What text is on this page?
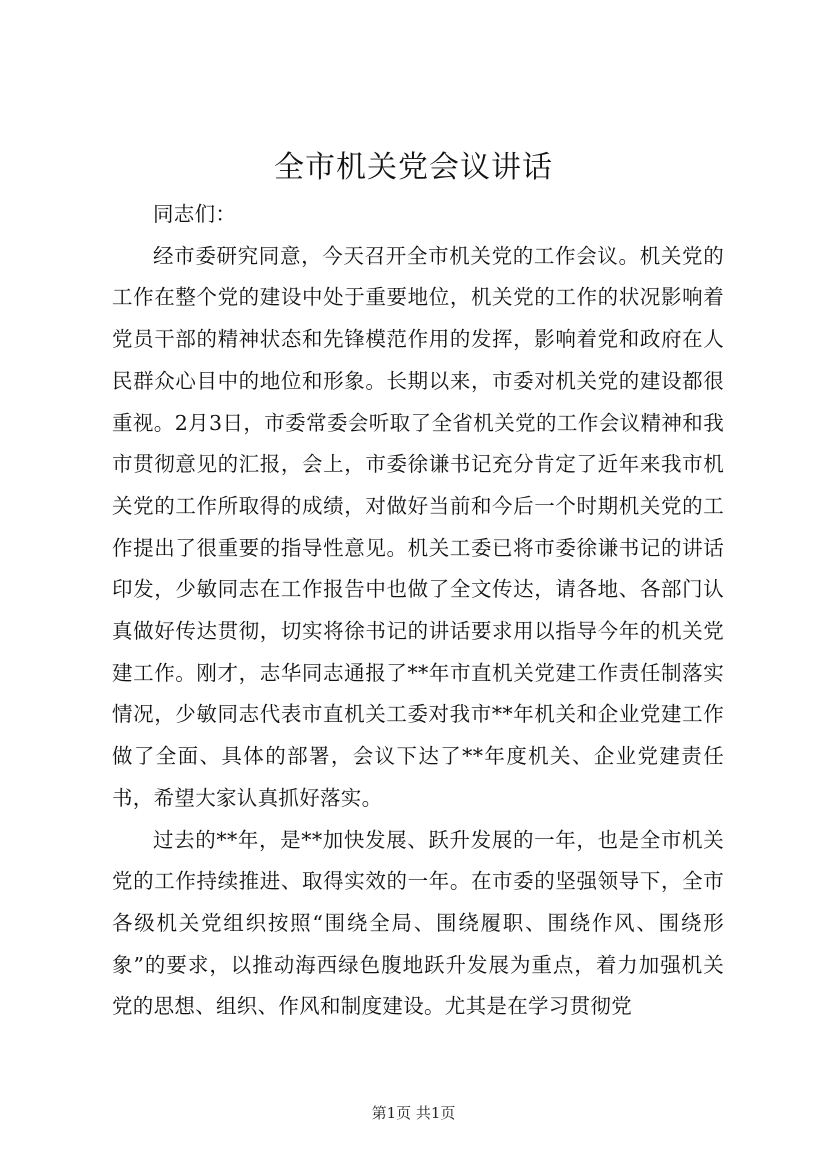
全市机关党会议讲话

同志们：

经市委研究同意，今天召开全市机关党的工作会议。机关党的工作在整个党的建设中处于重要地位，机关党的工作的状况影响着党员干部的精神状态和先锋模范作用的发挥，影响着党和政府在人民群众心目中的地位和形象。长期以来，市委对机关党的建设都很重视。2月3日，市委常委会听取了全省机关党的工作会议精神和我市贯彻意见的汇报，会上，市委徐谦书记充分肯定了近年来我市机关党的工作所取得的成绩，对做好当前和今后一个时期机关党的工作提出了很重要的指导性意见。机关工委已将市委徐谦书记的讲话印发，少敏同志在工作报告中也做了全文传达，请各地、各部门认真做好传达贯彻，切实将徐书记的讲话要求用以指导今年的机关党建工作。刚才，志华同志通报了**年市直机关党建工作责任制落实情况，少敏同志代表市直机关工委对我市**年机关和企业党建工作做了全面、具体的部署，会议下达了**年度机关、企业党建责任书，希望大家认真抓好落实。

过去的**年，是**加快发展、跃升发展的一年，也是全市机关党的工作持续推进、取得实效的一年。在市委的坚强领导下，全市各级机关党组织按照“围绕全局、围绕履职、围绕作风、围绕形象”的要求，以推动海西绿色腹地跃升发展为重点，着力加强机关党的思想、组织、作风和制度建设。尤其是在学习贯彻党

第1页 共1页
